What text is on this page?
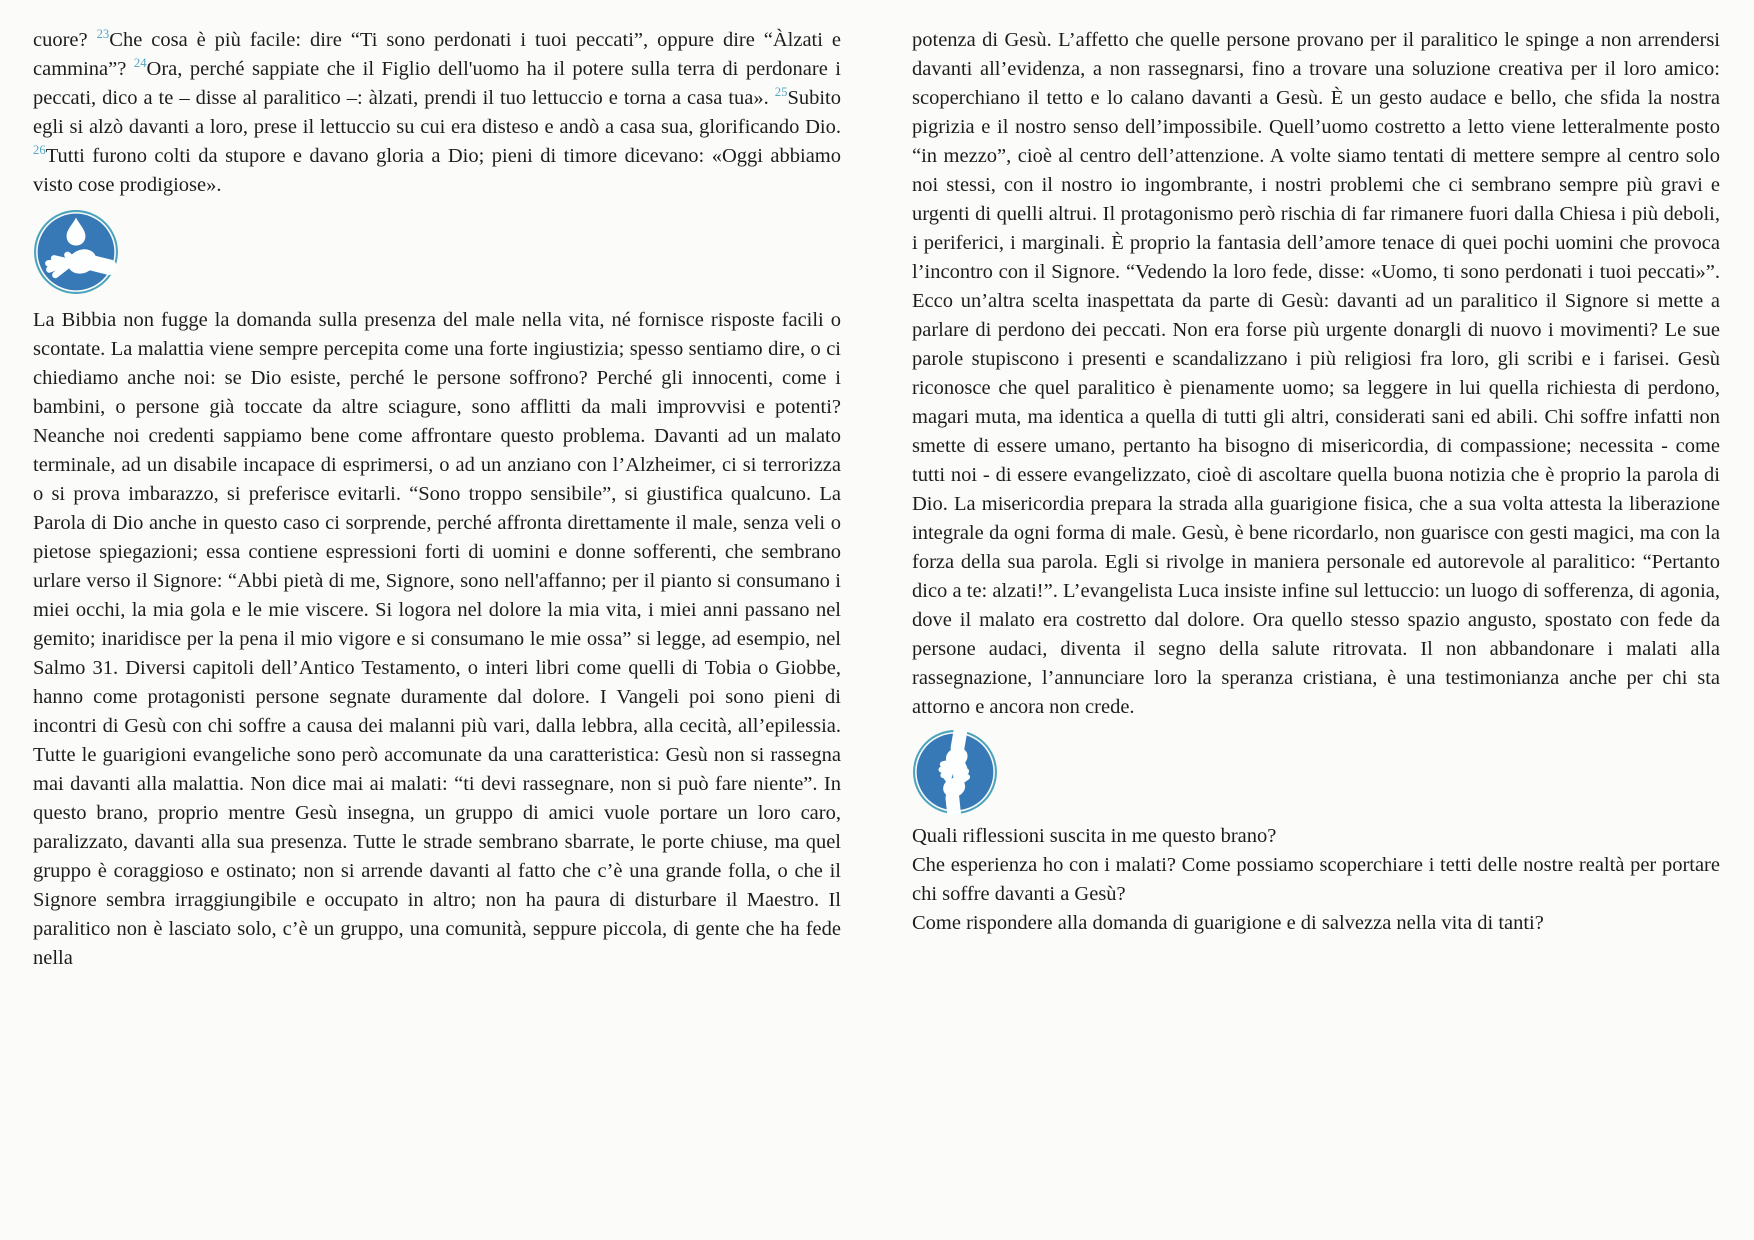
cuore? $^{23}$Che cosa è più facile: dire “Ti sono perdonati i tuoi peccati”, oppure dire “Àlzati e cammina”? $^{24}$Ora, perché sappiate che il Figlio dell'uomo ha il potere sulla terra di perdonare i peccati, dico a te – disse al paralitico –: àlzati, prendi il tuo lettuccio e torna a casa tua». $^{25}$Subito egli si alzò davanti a loro, prese il lettuccio su cui era disteso e andò a casa sua, glorificando Dio. $^{26}$Tutti furono colti da stupore e davano gloria a Dio; pieni di timore dicevano: «Oggi abbiamo visto cose prodigiose».

La Bibbia non fugge la domanda sulla presenza del male nella vita, né fornisce risposte facili o scontate. La malattia viene sempre percepita come una forte ingiustizia; spesso sentiamo dire, o ci chiediamo anche noi: se Dio esiste, perché le persone soffrono? Perché gli innocenti, come i bambini, o persone già toccate da altre sciagure, sono afflitti da mali improvvisi e potenti? Neanche noi credenti sappiamo bene come affrontare questo problema. Davanti ad un malato terminale, ad un disabile incapace di esprimersi, o ad un anziano con l’Alzheimer, ci si terrorizza o si prova imbarazzo, si preferisce evitarli. “Sono troppo sensibile”, si giustifica qualcuno. La Parola di Dio anche in questo caso ci sorprende, perché affronta direttamente il male, senza veli o pietose spiegazioni; essa contiene espressioni forti di uomini e donne sofferenti, che sembrano urlare verso il Signore: “Abbi pietà di me, Signore, sono nell'affanno; per il pianto si consumano i miei occhi, la mia gola e le mie viscere. Si logora nel dolore la mia vita, i miei anni passano nel gemito; inaridisce per la pena il mio vigore e si consumano le mie ossa” si legge, ad esempio, nel Salmo 31. Diversi capitoli dell’Antico Testamento, o interi libri come quelli di Tobia o Giobbe, hanno come protagonisti persone segnate duramente dal dolore. I Vangeli poi sono pieni di incontri di Gesù con chi soffre a causa dei malanni più vari, dalla lebbra, alla cecità, all’epilessia. Tutte le guarigioni evangeliche sono però accomunate da una caratteristica: Gesù non si rassegna mai davanti alla malattia. Non dice mai ai malati: “ti devi rassegnare, non si può fare niente”. In questo brano, proprio mentre Gesù insegna, un gruppo di amici vuole portare un loro caro, paralizzato, davanti alla sua presenza. Tutte le strade sembrano sbarrate, le porte chiuse, ma quel gruppo è coraggioso e ostinato; non si arrende davanti al fatto che c’è una grande folla, o che il Signore sembra irraggiungibile e occupato in altro; non ha paura di disturbare il Maestro. Il paralitico non è lasciato solo, c’è un gruppo, una comunità, seppure piccola, di gente che ha fede nella

potenza di Gesù. L’affetto che quelle persone provano per il paralitico le spinge a non arrendersi davanti all’evidenza, a non rassegnarsi, fino a trovare una soluzione creativa per il loro amico: scoperchiano il tetto e lo calano davanti a Gesù. È un gesto audace e bello, che sfida la nostra pigrizia e il nostro senso dell’impossibile. Quell’uomo costretto a letto viene letteralmente posto “in mezzo”, cioè al centro dell’attenzione. A volte siamo tentati di mettere sempre al centro solo noi stessi, con il nostro io ingombrante, i nostri problemi che ci sembrano sempre più gravi e urgenti di quelli altrui. Il protagonismo però rischia di far rimanere fuori dalla Chiesa i più deboli, i periferici, i marginali. È proprio la fantasia dell’amore tenace di quei pochi uomini che provoca l’incontro con il Signore. “Vedendo la loro fede, disse: «Uomo, ti sono perdonati i tuoi peccati»”. Ecco un’altra scelta inaspettata da parte di Gesù: davanti ad un paralitico il Signore si mette a parlare di perdono dei peccati. Non era forse più urgente donargli di nuovo i movimenti? Le sue parole stupiscono i presenti e scandalizzano i più religiosi fra loro, gli scribi e i farisei. Gesù riconosce che quel paralitico è pienamente uomo; sa leggere in lui quella richiesta di perdono, magari muta, ma identica a quella di tutti gli altri, considerati sani ed abili. Chi soffre infatti non smette di essere umano, pertanto ha bisogno di misericordia, di compassione; necessita - come tutti noi - di essere evangelizzato, cioè di ascoltare quella buona notizia che è proprio la parola di Dio. La misericordia prepara la strada alla guarigione fisica, che a sua volta attesta la liberazione integrale da ogni forma di male. Gesù, è bene ricordarlo, non guarisce con gesti magici, ma con la forza della sua parola. Egli si rivolge in maniera personale ed autorevole al paralitico: “Pertanto dico a te: alzati!”. L’evangelista Luca insiste infine sul lettuccio: un luogo di sofferenza, di agonia, dove il malato era costretto dal dolore. Ora quello stesso spazio angusto, spostato con fede da persone audaci, diventa il segno della salute ritrovata. Il non abbandonare i malati alla rassegnazione, l’annunciare loro la speranza cristiana, è una testimonianza anche per chi sta attorno e ancora non crede.

Quali riflessioni suscita in me questo brano?

Che esperienza ho con i malati? Come possiamo scoperchiare i tetti delle nostre realtà per portare chi soffre davanti a Gesù?

Come rispondere alla domanda di guarigione e di salvezza nella vita di tanti?
